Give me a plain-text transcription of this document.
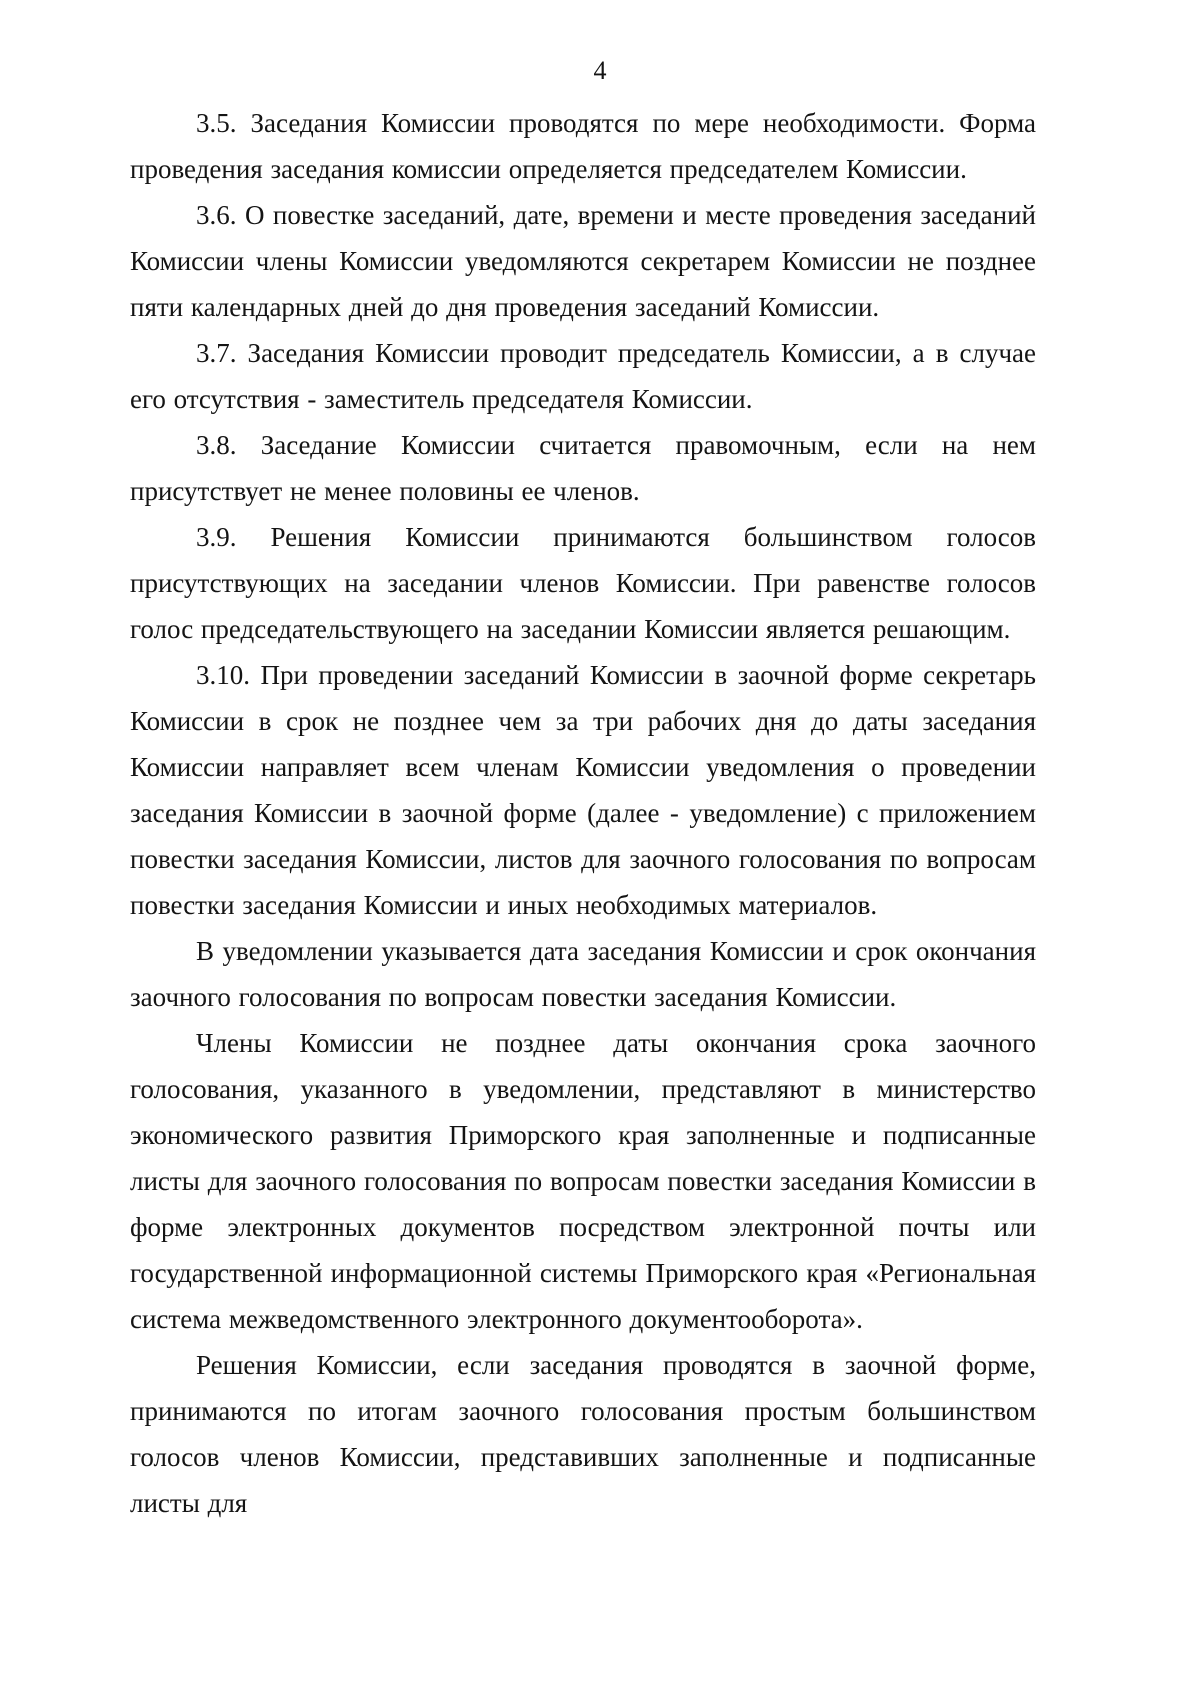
4

3.5. Заседания Комиссии проводятся по мере необходимости. Форма проведения заседания комиссии определяется председателем Комиссии.

3.6. О повестке заседаний, дате, времени и месте проведения заседаний Комиссии члены Комиссии уведомляются секретарем Комиссии не позднее пяти календарных дней до дня проведения заседаний Комиссии.

3.7. Заседания Комиссии проводит председатель Комиссии, а в случае его отсутствия - заместитель председателя Комиссии.

3.8. Заседание Комиссии считается правомочным, если на нем присутствует не менее половины ее членов.

3.9. Решения Комиссии принимаются большинством голосов присутствующих на заседании членов Комиссии. При равенстве голосов голос председательствующего на заседании Комиссии является решающим.

3.10. При проведении заседаний Комиссии в заочной форме секретарь Комиссии в срок не позднее чем за три рабочих дня до даты заседания Комиссии направляет всем членам Комиссии уведомления о проведении заседания Комиссии в заочной форме (далее - уведомление) с приложением повестки заседания Комиссии, листов для заочного голосования по вопросам повестки заседания Комиссии и иных необходимых материалов.

В уведомлении указывается дата заседания Комиссии и срок окончания заочного голосования по вопросам повестки заседания Комиссии.

Члены Комиссии не позднее даты окончания срока заочного голосования, указанного в уведомлении, представляют в министерство экономического развития Приморского края заполненные и подписанные листы для заочного голосования по вопросам повестки заседания Комиссии в форме электронных документов посредством электронной почты или государственной информационной системы Приморского края «Региональная система межведомственного электронного документооборота».

Решения Комиссии, если заседания проводятся в заочной форме, принимаются по итогам заочного голосования простым большинством голосов членов Комиссии, представивших заполненные и подписанные листы для
